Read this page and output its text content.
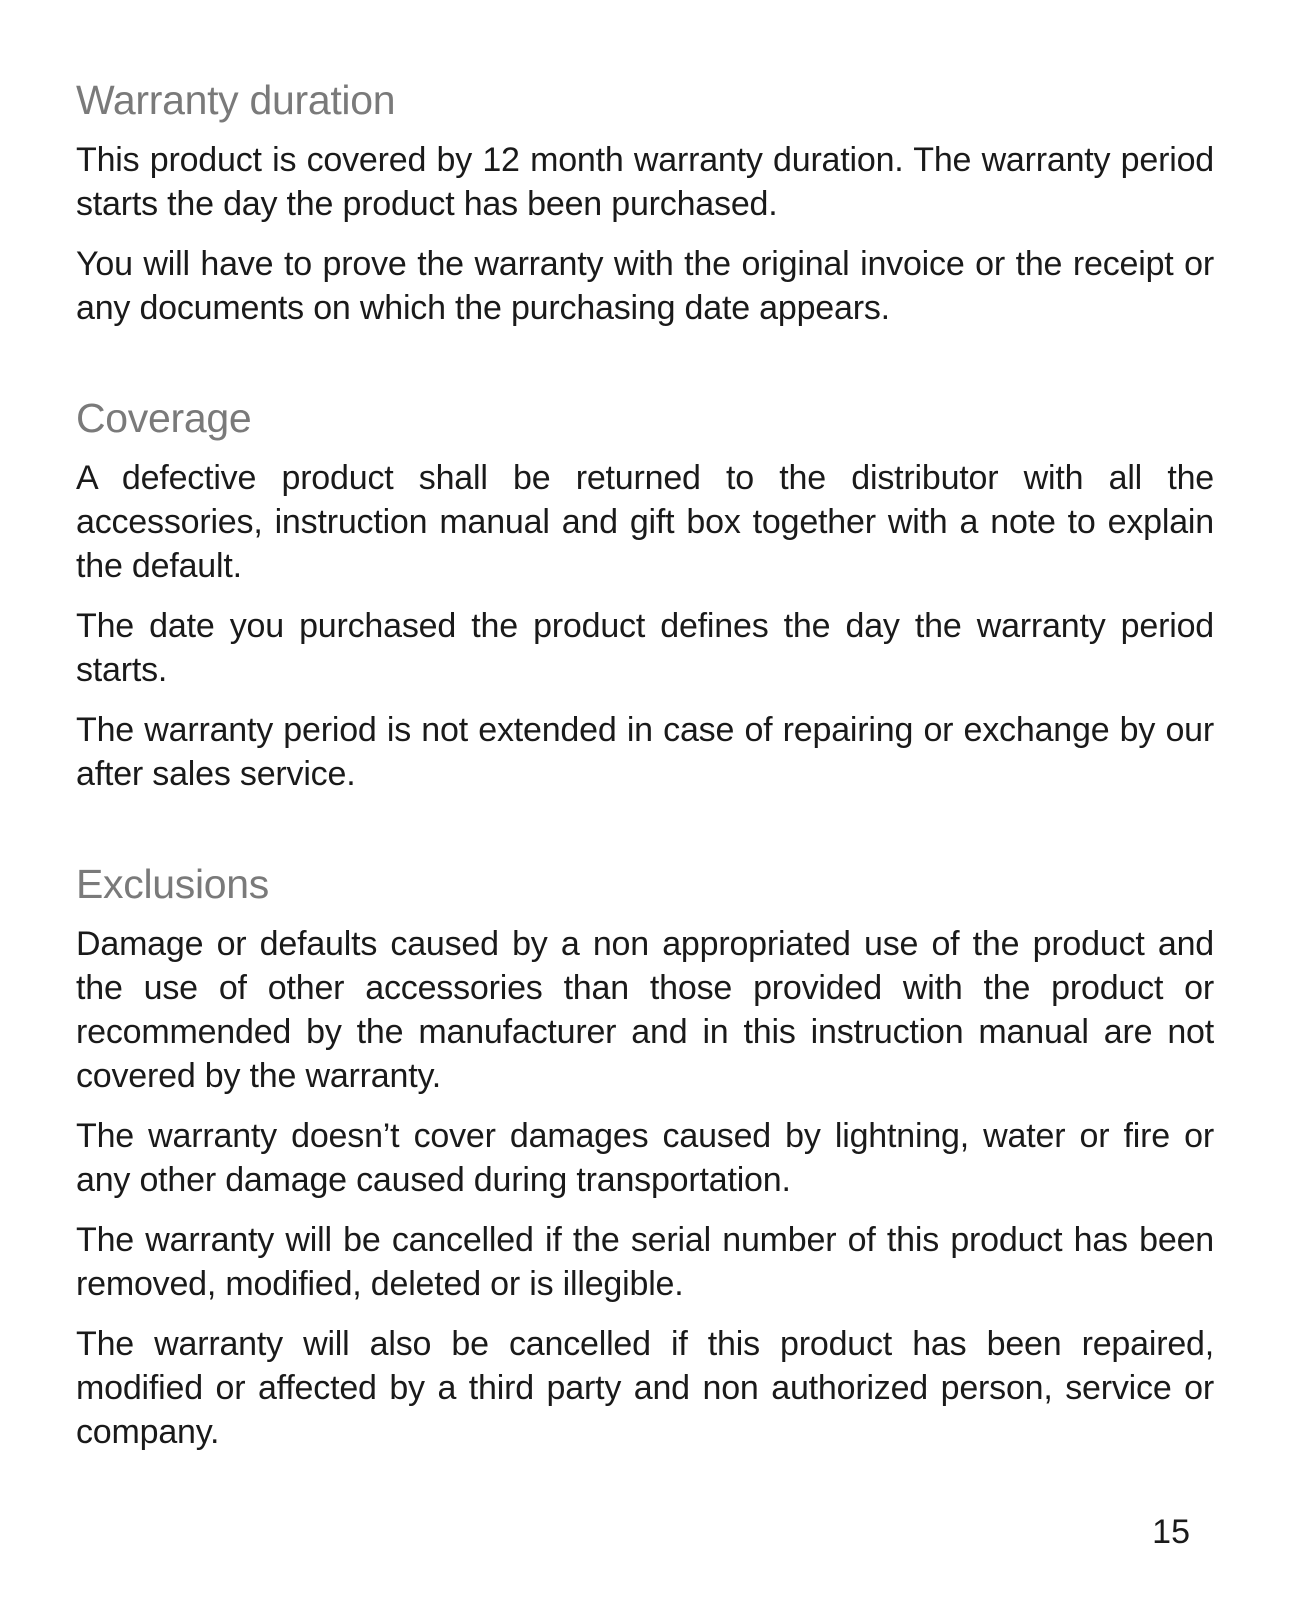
Warranty duration

This product is covered by 12 month warranty duration. The warranty period starts the day the product has been purchased.

You will have to prove the warranty with the original invoice or the receipt or any documents on which the purchasing date appears.

Coverage

A defective product shall be returned to the distributor with all the accessories, instruction manual and gift box together with a note to explain the default.

The date you purchased the product defines the day the warranty period starts.

The warranty period is not extended in case of repairing or exchange by our after sales service.

Exclusions

Damage or defaults caused by a non appropriated use of the product and the use of other accessories than those provided with the product or recommended by the manufacturer and in this instruction manual are not covered by the warranty.

The warranty doesn’t cover damages caused by lightning, water or fire or any other damage caused during transportation.

The warranty will be cancelled if the serial number of this product has been removed, modified, deleted or is illegible.

The warranty will also be cancelled if this product has been repaired, modified or affected by a third party and non authorized person, service or company.

15
